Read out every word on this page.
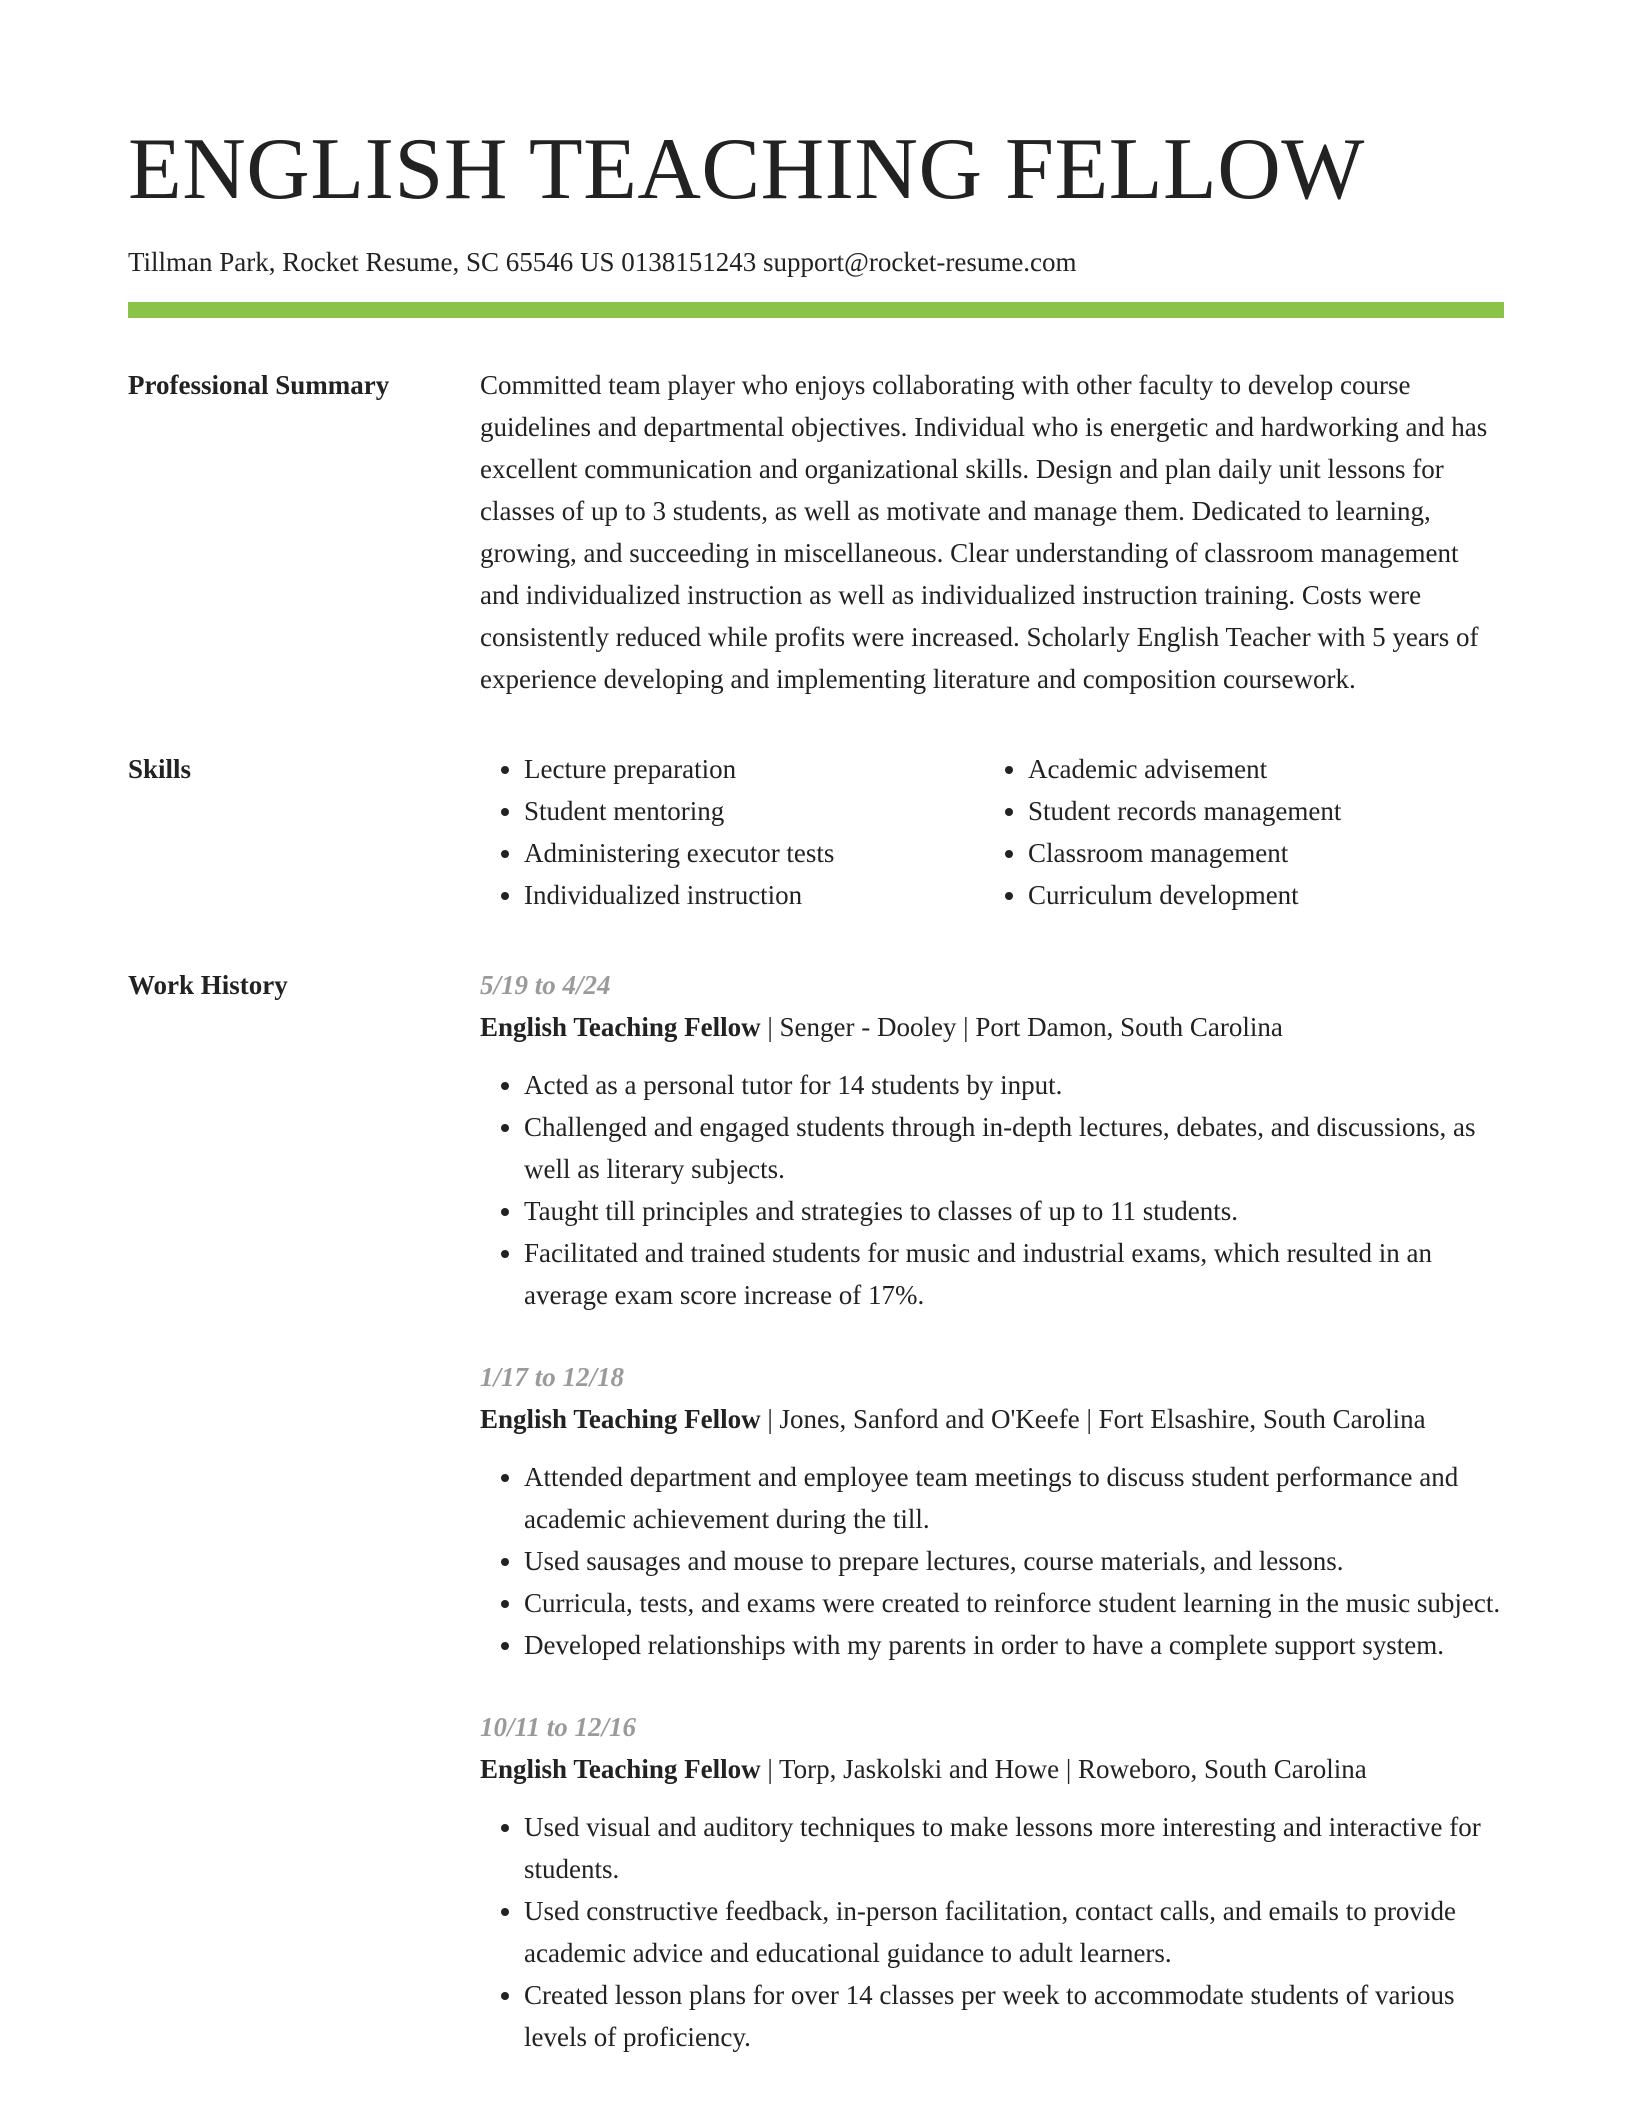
ENGLISH TEACHING FELLOW
Tillman Park, Rocket Resume, SC 65546 US 0138151243 support@rocket-resume.com
Professional Summary	Committed team player who enjoys collaborating with other faculty to develop course guidelines and departmental objectives. Individual who is energetic and hardworking and has excellent communication and organizational skills. Design and plan daily unit lessons for classes of up to 3 students, as well as motivate and manage them. Dedicated to learning, growing, and succeeding in miscellaneous. Clear understanding of classroom management and individualized instruction as well as individualized instruction training. Costs were consistently reduced while profits were increased. Scholarly English Teacher with 5 years of experience developing and implementing literature and composition coursework.

Skills
•	Lecture preparation
• Student mentoring
• Administering executor tests
• Individualized instruction
• Academic advisement
• Student records management
• Classroom management
• Curriculum development
Work History	5/19 to 4/24
English Teaching Fellow | Senger - Dooley | Port Damon, South Carolina
• Acted as a personal tutor for 14 students by input.
• Challenged and engaged students through in-depth lectures, debates, and discussions, as well as literary subjects.
• Taught till principles and strategies to classes of up to 11 students.
• Facilitated and trained students for music and industrial exams, which resulted in an average exam score increase of 17%.
1/17 to 12/18
English Teaching Fellow | Jones, Sanford and O'Keefe | Fort Elsashire, South Carolina
• Attended department and employee team meetings to discuss student performance and academic achievement during the till.
• Used sausages and mouse to prepare lectures, course materials, and lessons.
• Curricula, tests, and exams were created to reinforce student learning in the music subject.
• Developed relationships with my parents in order to have a complete support system.
10/11 to 12/16
English Teaching Fellow | Torp, Jaskolski and Howe | Roweboro, South Carolina
• Used visual and auditory techniques to make lessons more interesting and interactive for students.
• Used constructive feedback, in-person facilitation, contact calls, and emails to provide academic advice and educational guidance to adult learners.
• Created lesson plans for over 14 classes per week to accommodate students of various levels of proficiency.
